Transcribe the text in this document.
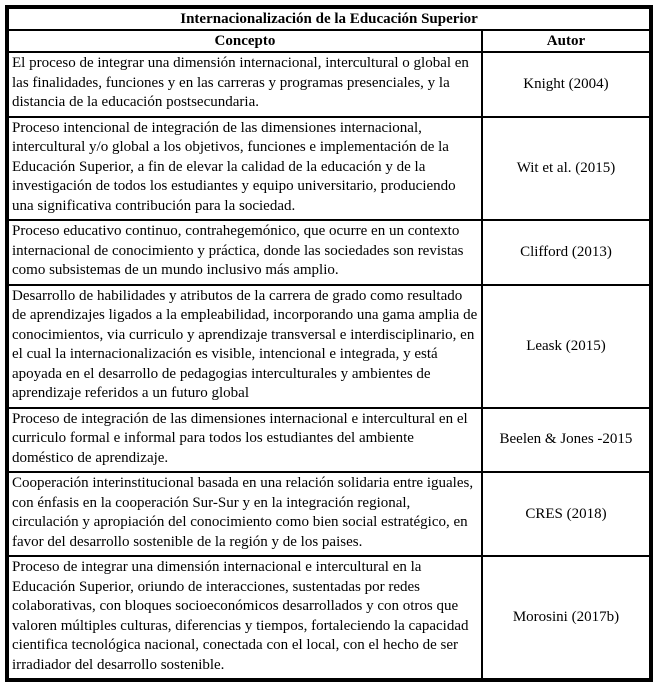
Internacionalización de la Educación Superior	
Concepto	Autor
El proceso de integrar una dimensión internacional, intercultural o global en las finalidades, funciones y en las carreras y programas presenciales, y la distancia de la educación postsecundaria.	Knight (2004)
Proceso intencional de integración de las dimensiones internacional, intercultural y/o global a los objetivos, funciones e implementación de la Educación Superior, a fin de elevar la calidad de la educación y de la investigación de todos los estudiantes y equipo universitario, produciendo una significativa contribución para la sociedad.	Wit et al. (2015)
Proceso educativo continuo, contrahegemónico, que ocurre en un contexto internacional de conocimiento y práctica, donde las sociedades son revistas como subsistemas de un mundo inclusivo más amplio.	Clifford (2013)
Desarrollo de habilidades y atributos de la carrera de grado como resultado de aprendizajes ligados a la empleabilidad, incorporando una gama amplia de conocimientos, via curriculo y aprendizaje transversal e interdisciplinario, en el cual la internacionalización es visible, intencional e integrada, y está apoyada en el desarrollo de pedagogias interculturales y ambientes de aprendizaje referidos a un futuro global	Leask (2015)
Proceso de integración de las dimensiones internacional e intercultural en el curriculo formal e informal para todos los estudiantes del ambiente doméstico de aprendizaje.	Beelen & Jones -2015
Cooperación interinstitucional basada en una relación solidaria entre iguales, con énfasis en la cooperación Sur-Sur y en la integración regional, circulación y apropiación del conocimiento como bien social estratégico, en favor del desarrollo sostenible de la región y de los paises.	CRES (2018)
Proceso de integrar una dimensión internacional e intercultural en la Educación Superior, oriundo de interacciones, sustentadas por redes colaborativas, con bloques socioeconómicos desarrollados y con otros que valoren múltiples culturas, diferencias y tiempos, fortaleciendo la capacidad cientifica tecnológica nacional, conectada con el local, con el hecho de ser irradiador del desarrollo sostenible.	Morosini (2017b)
